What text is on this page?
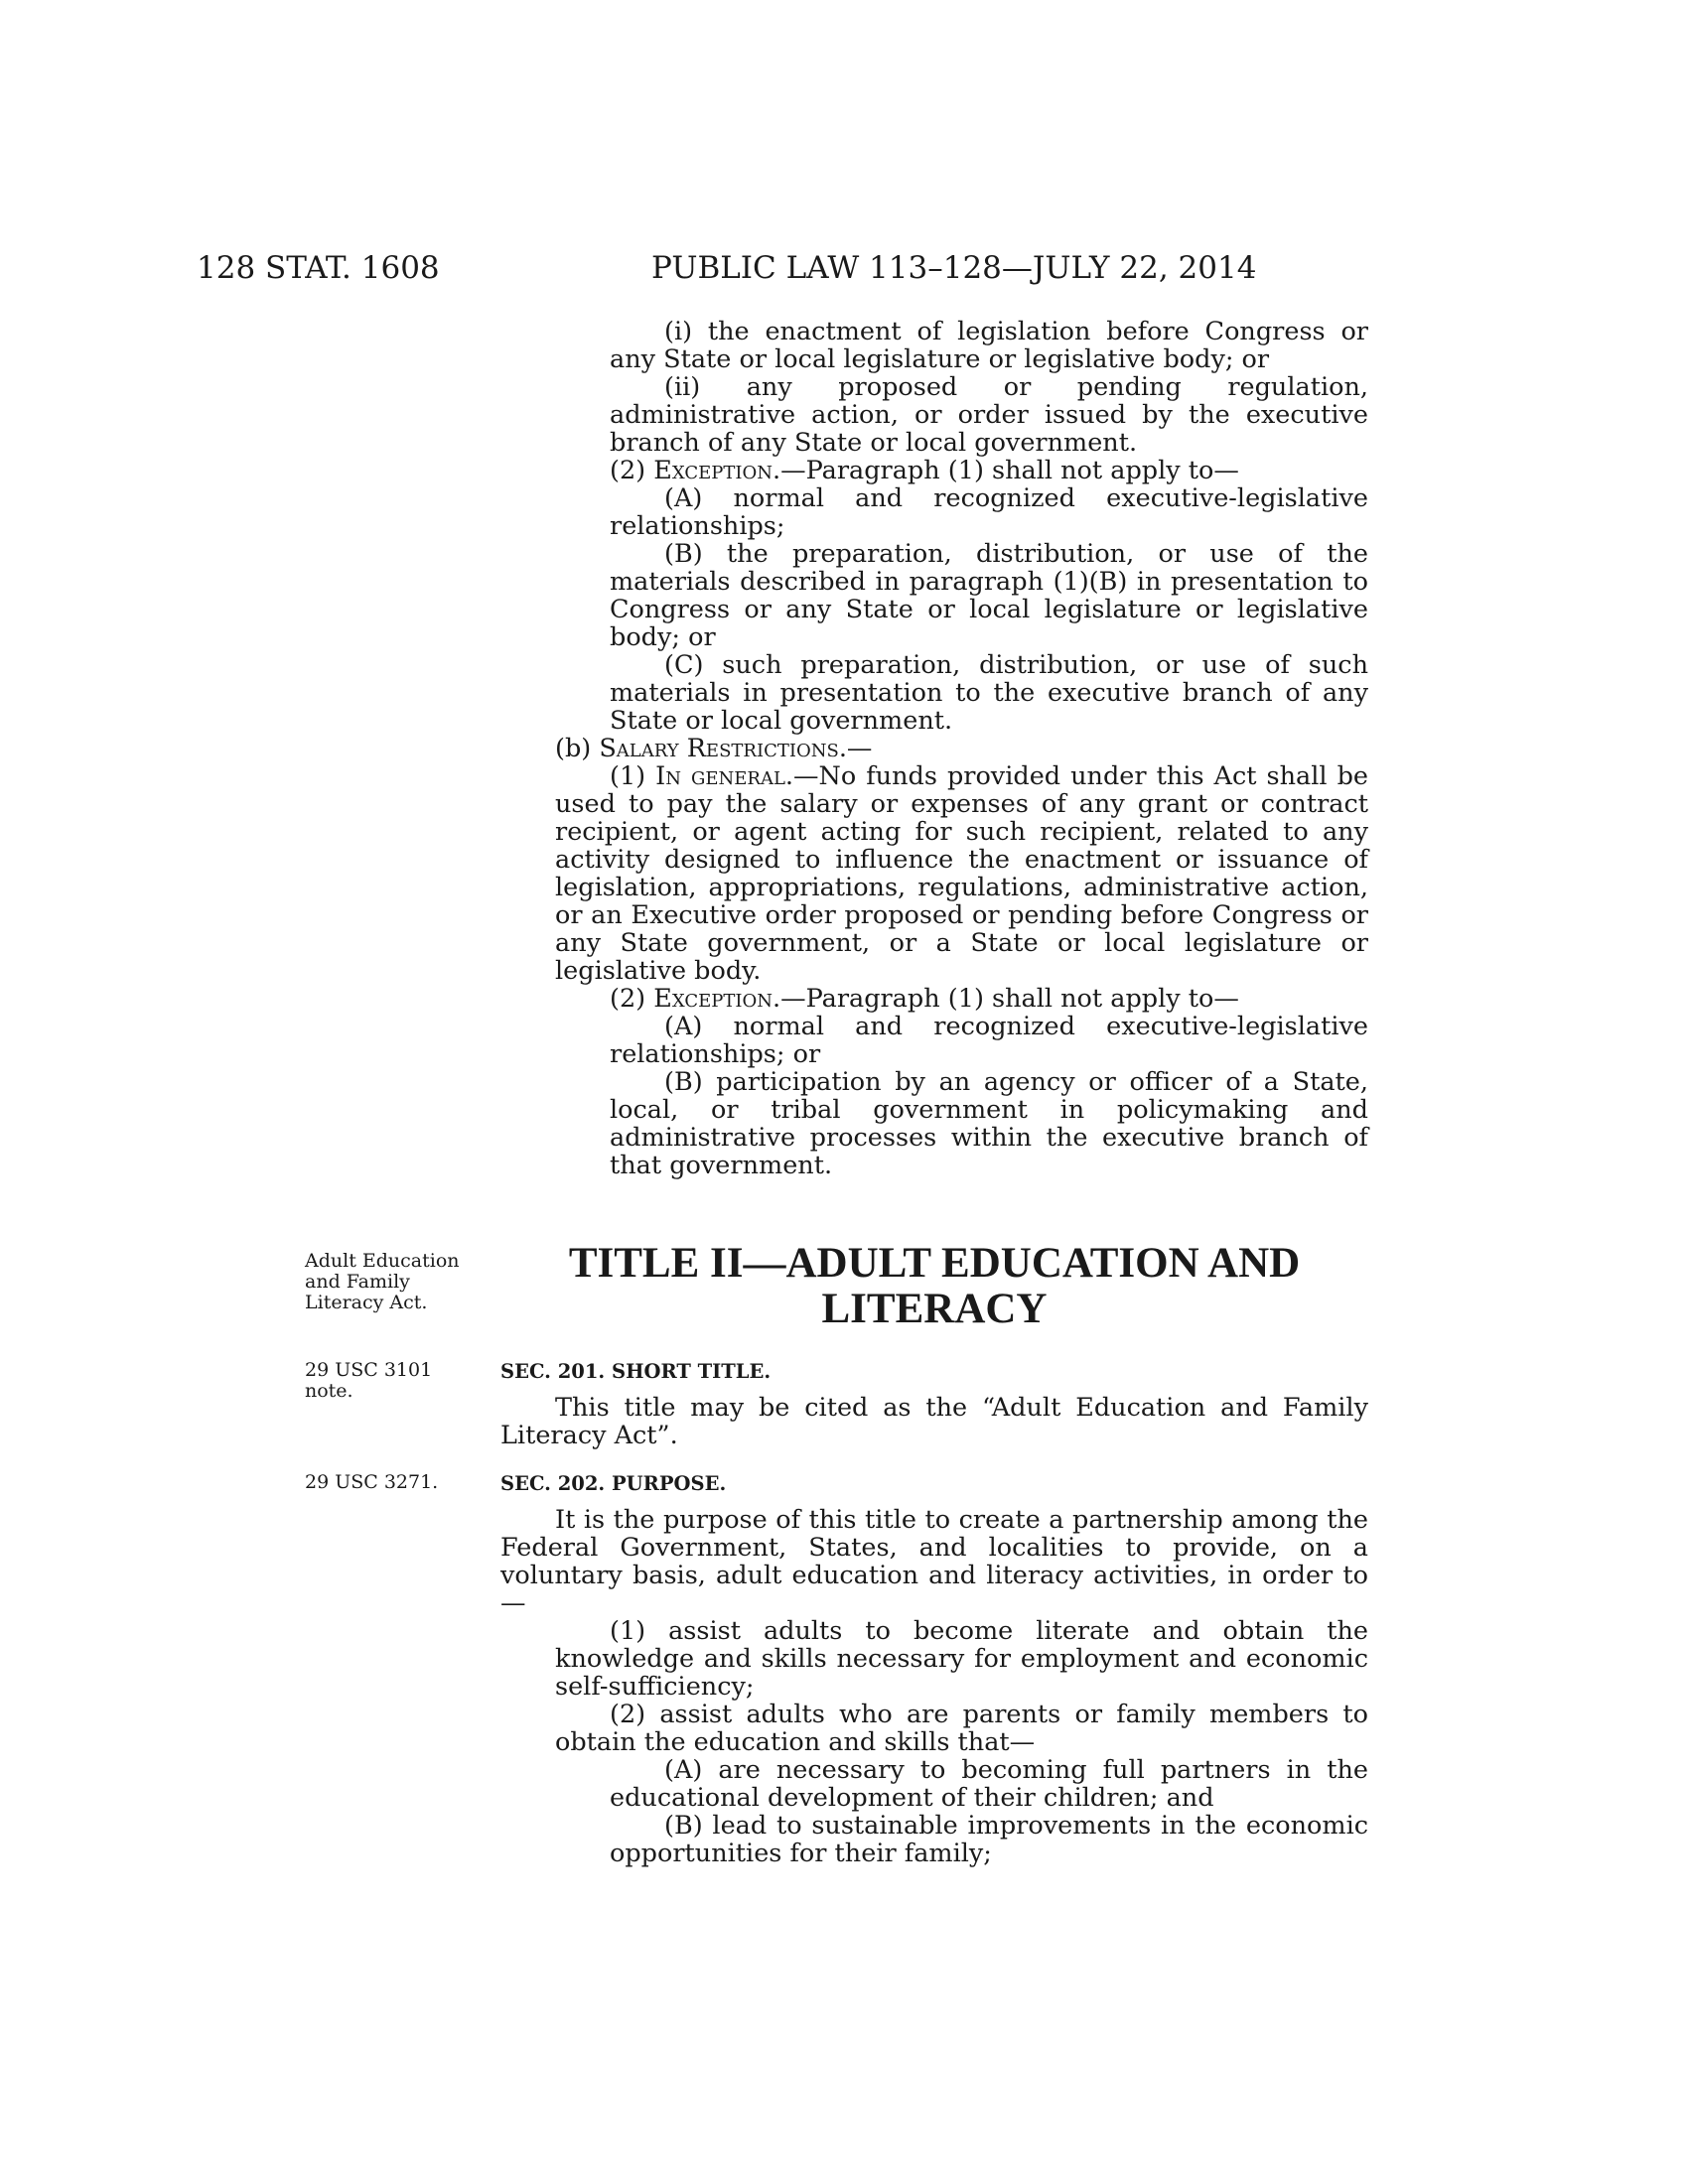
128 STAT. 1608	PUBLIC LAW 113–128—JULY 22, 2014

(i) the enactment of legislation before Congress or any State or local legislature or legislative body; or

(ii) any proposed or pending regulation, administrative action, or order issued by the executive branch of any State or local government.

(2) Exception.—Paragraph (1) shall not apply to—

(A) normal and recognized executive-legislative relationships;

(B) the preparation, distribution, or use of the materials described in paragraph (1)(B) in presentation to Congress or any State or local legislature or legislative body; or

(C) such preparation, distribution, or use of such materials in presentation to the executive branch of any State or local government.

(b) Salary Restrictions.—

(1) In general.—No funds provided under this Act shall be used to pay the salary or expenses of any grant or contract recipient, or agent acting for such recipient, related to any activity designed to influence the enactment or issuance of legislation, appropriations, regulations, administrative action, or an Executive order proposed or pending before Congress or any State government, or a State or local legislature or legislative body.

(2) Exception.—Paragraph (1) shall not apply to—

(A) normal and recognized executive-legislative relationships; or

(B) participation by an agency or officer of a State, local, or tribal government in policymaking and administrative processes within the executive branch of that government.

Adult Education and Family Literacy Act.
TITLE II—ADULT EDUCATION AND
LITERACY
29 USC 3101 note.

SEC. 201. SHORT TITLE.

This title may be cited as the “Adult Education and Family Literacy Act”.

29 USC 3271.	SEC. 202. PURPOSE.

It is the purpose of this title to create a partnership among the Federal Government, States, and localities to provide, on a voluntary basis, adult education and literacy activities, in order to—

(1) assist adults to become literate and obtain the knowledge and skills necessary for employment and economic self-sufficiency;

(2) assist adults who are parents or family members to obtain the education and skills that—

(A) are necessary to becoming full partners in the educational development of their children; and

(B) lead to sustainable improvements in the economic opportunities for their family;
